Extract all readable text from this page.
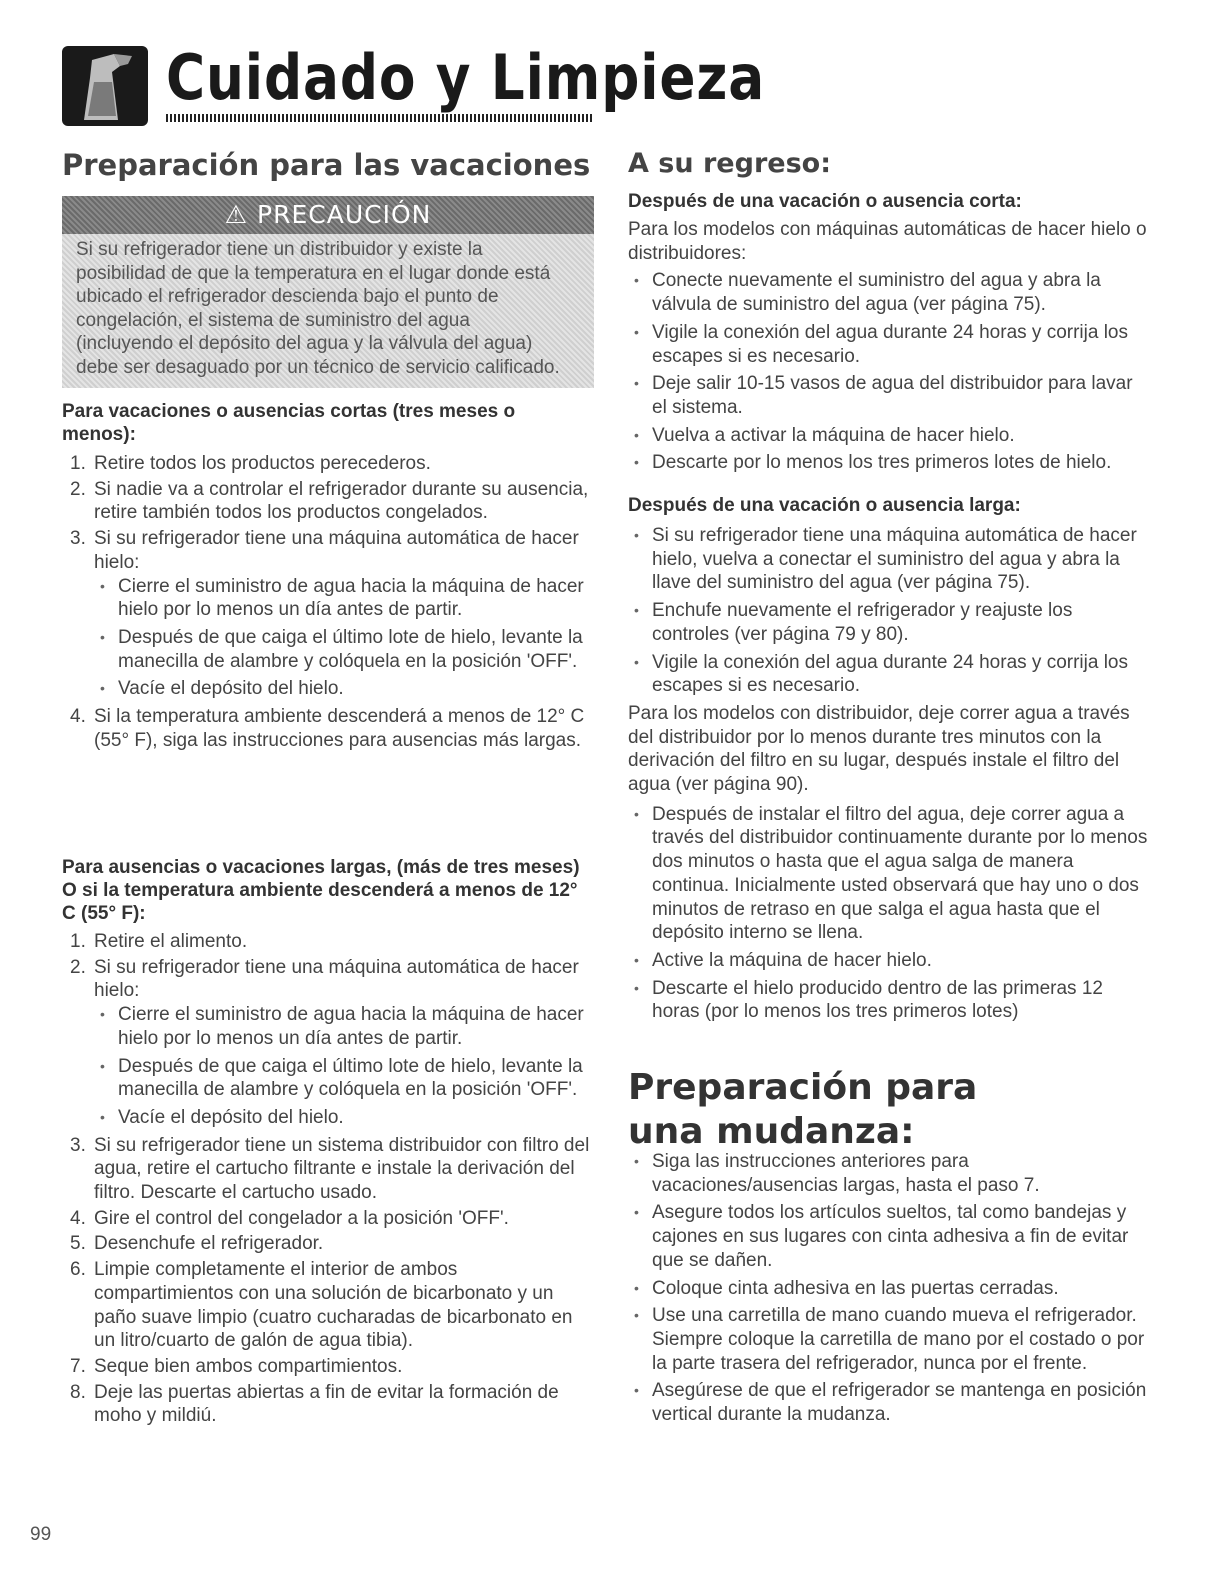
Cuidado y Limpieza
Preparación para las vacaciones
⚠ PRECAUCIÓN

Si su refrigerador tiene un distribuidor y existe la

posibilidad de que la temperatura en el lugar donde está

ubicado el refrigerador descienda bajo el punto de

congelación, el sistema de suministro del agua

(incluyendo el depósito del agua y la válvula del agua)

debe ser desaguado por un técnico de servicio calificado.

Para vacaciones o ausencias cortas (tres meses o menos):
1. Retire todos los productos perecederos.
2. Si nadie va a controlar el refrigerador durante su ausencia, retire también todos los productos congelados.
3. Si su refrigerador tiene una máquina automática de hacer hielo:
• Cierre el suministro de agua hacia la máquina de hacer hielo por lo menos un día antes de partir.
• Después de que caiga el último lote de hielo, levante la manecilla de alambre y colóquela en la posición 'OFF'.
• Vacíe el depósito del hielo.
4. Si la temperatura ambiente descenderá a menos de 12° C (55° F), siga las instrucciones para ausencias más largas.
Para ausencias o vacaciones largas, (más de tres meses) O si la temperatura ambiente descenderá a menos de 12° C (55° F):
1. Retire el alimento.
2. Si su refrigerador tiene una máquina automática de hacer hielo:
• Cierre el suministro de agua hacia la máquina de hacer hielo por lo menos un día antes de partir.
• Después de que caiga el último lote de hielo, levante la manecilla de alambre y colóquela en la posición 'OFF'.
• Vacíe el depósito del hielo.
3. Si su refrigerador tiene un sistema distribuidor con filtro del agua, retire el cartucho filtrante e instale la derivación del filtro. Descarte el cartucho usado.
4. Gire el control del congelador a la posición 'OFF'.
5. Desenchufe el refrigerador.
6. Limpie completamente el interior de ambos compartimientos con una solución de bicarbonato y un paño suave limpio (cuatro cucharadas de bicarbonato en un litro/cuarto de galón de agua tibia).
7. Seque bien ambos compartimientos.
8. Deje las puertas abiertas a fin de evitar la formación de moho y mildiú.
A su regreso:
Después de una vacación o ausencia corta:

Para los modelos con máquinas automáticas de hacer hielo o distribuidores:

• Conecte nuevamente el suministro del agua y abra la válvula de suministro del agua (ver página 75).
• Vigile la conexión del agua durante 24 horas y corrija los escapes si es necesario.
• Deje salir 10-15 vasos de agua del distribuidor para lavar el sistema.
• Vuelva a activar la máquina de hacer hielo.
• Descarte por lo menos los tres primeros lotes de hielo.
Después de una vacación o ausencia larga:
• Si su refrigerador tiene una máquina automática de hacer hielo, vuelva a conectar el suministro del agua y abra la llave del suministro del agua (ver página 75).
• Enchufe nuevamente el refrigerador y reajuste los controles (ver página 79 y 80).
• Vigile la conexión del agua durante 24 horas y corrija los escapes si es necesario.

Para los modelos con distribuidor, deje correr agua a través del distribuidor por lo menos durante tres minutos con la derivación del filtro en su lugar, después instale el filtro del agua (ver página 90).

• Después de instalar el filtro del agua, deje correr agua a través del distribuidor continuamente durante por lo menos dos minutos o hasta que el agua salga de manera continua. Inicialmente usted observará que hay uno o dos minutos de retraso en que salga el agua hasta que el depósito interno se llena.
• Active la máquina de hacer hielo.
• Descarte el hielo producido dentro de las primeras 12 horas (por lo menos los tres primeros lotes)
Preparación para una mudanza:
• Siga las instrucciones anteriores para vacaciones/ausencias largas, hasta el paso 7.
• Asegure todos los artículos sueltos, tal como bandejas y cajones en sus lugares con cinta adhesiva a fin de evitar que se dañen.
• Coloque cinta adhesiva en las puertas cerradas.
• Use una carretilla de mano cuando mueva el refrigerador. Siempre coloque la carretilla de mano por el costado o por la parte trasera del refrigerador, nunca por el frente.
• Asegúrese de que el refrigerador se mantenga en posición vertical durante la mudanza.
99
